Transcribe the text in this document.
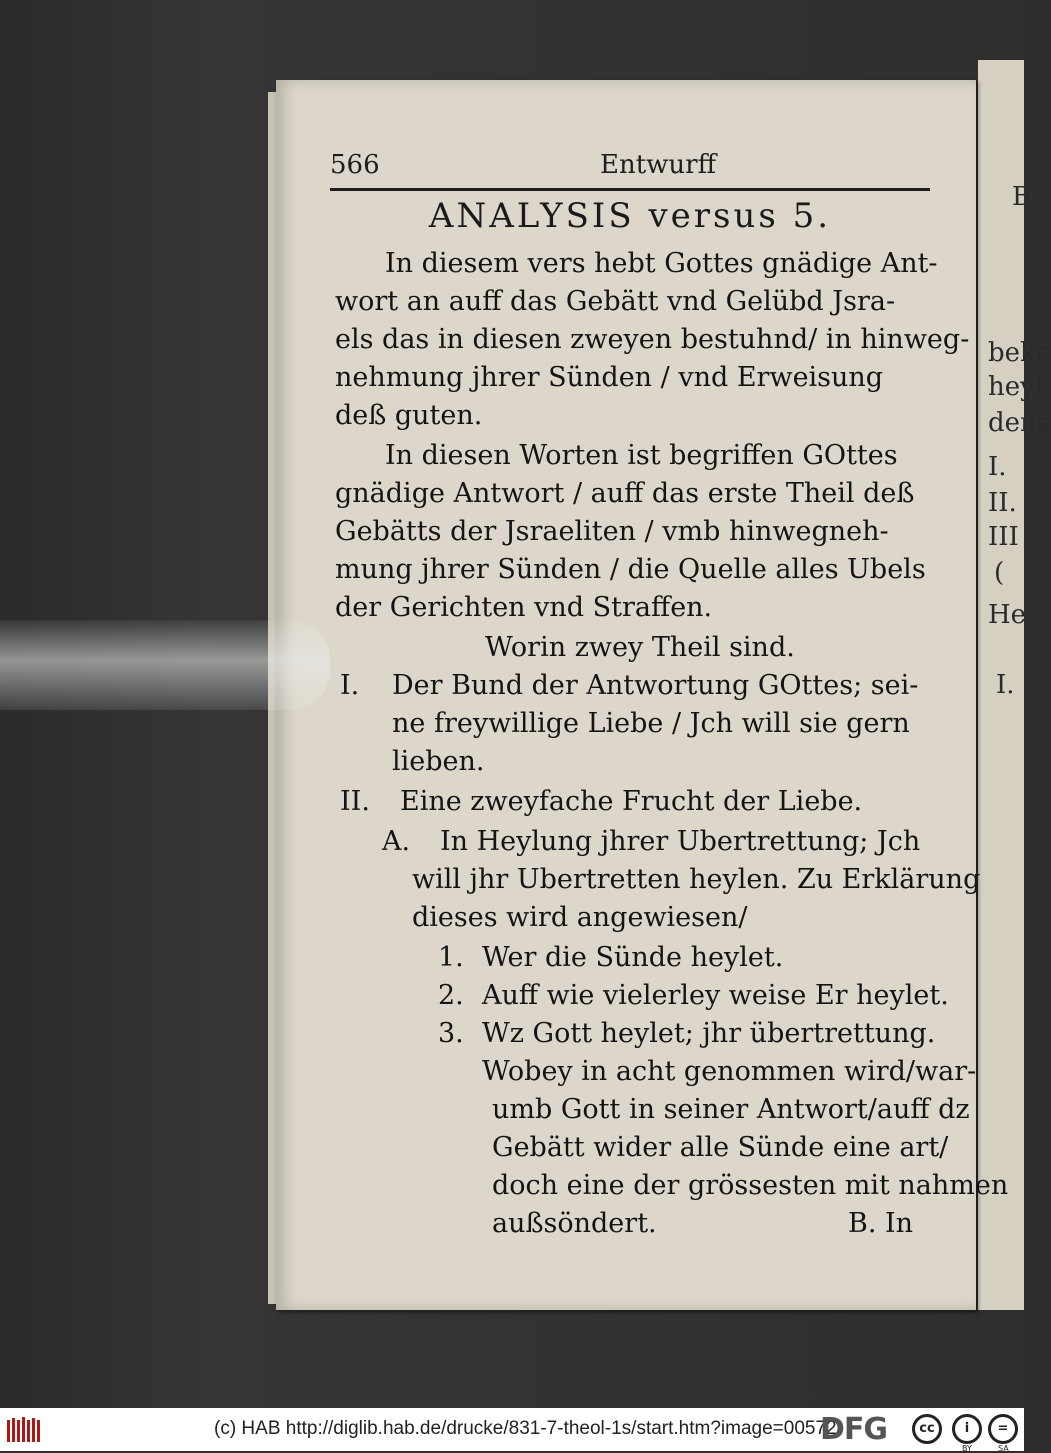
B
beke
heyl
dens
I.
II.
III
(
He
I.
566	Entwurff
ANALYSIS versus 5.
In diesem vers hebt Gottes gnädige Ant-
wort an auff das Gebätt vnd Gelübd Jsra-
els das in diesen zweyen bestuhnd/ in hinweg-
nehmung jhrer Sünden / vnd Erweisung
deß guten.
In diesen Worten ist begriffen GOttes
gnädige Antwort / auff das erste Theil deß
Gebätts der Jsraeliten / vmb hinwegneh-
mung jhrer Sünden / die Quelle alles Ubels
der Gerichten vnd Straffen.
Worin zwey Theil sind.
I. Der Bund der Antwortung GOttes; sei-
ne freywillige Liebe / Jch will sie gern
lieben.
II. Eine zweyfache Frucht der Liebe.
A. In Heylung jhrer Ubertrettung; Jch
will jhr Ubertretten heylen. Zu Erklärung
dieses wird angewiesen/
1. Wer die Sünde heylet.
2. Auff wie vielerley weise Er heylet.
3. Wz Gott heylet; jhr übertrettung.
Wobey in acht genommen wird/war-
umb Gott in seiner Antwort/auff dz
Gebätt wider alle Sünde eine art/
doch eine der grössesten mit nahmen
außsöndert.	B. In
(c) HAB http://diglib.hab.de/drucke/831-7-theol-1s/start.htm?image=00572
DFG	cc	i
BY
=
SA
